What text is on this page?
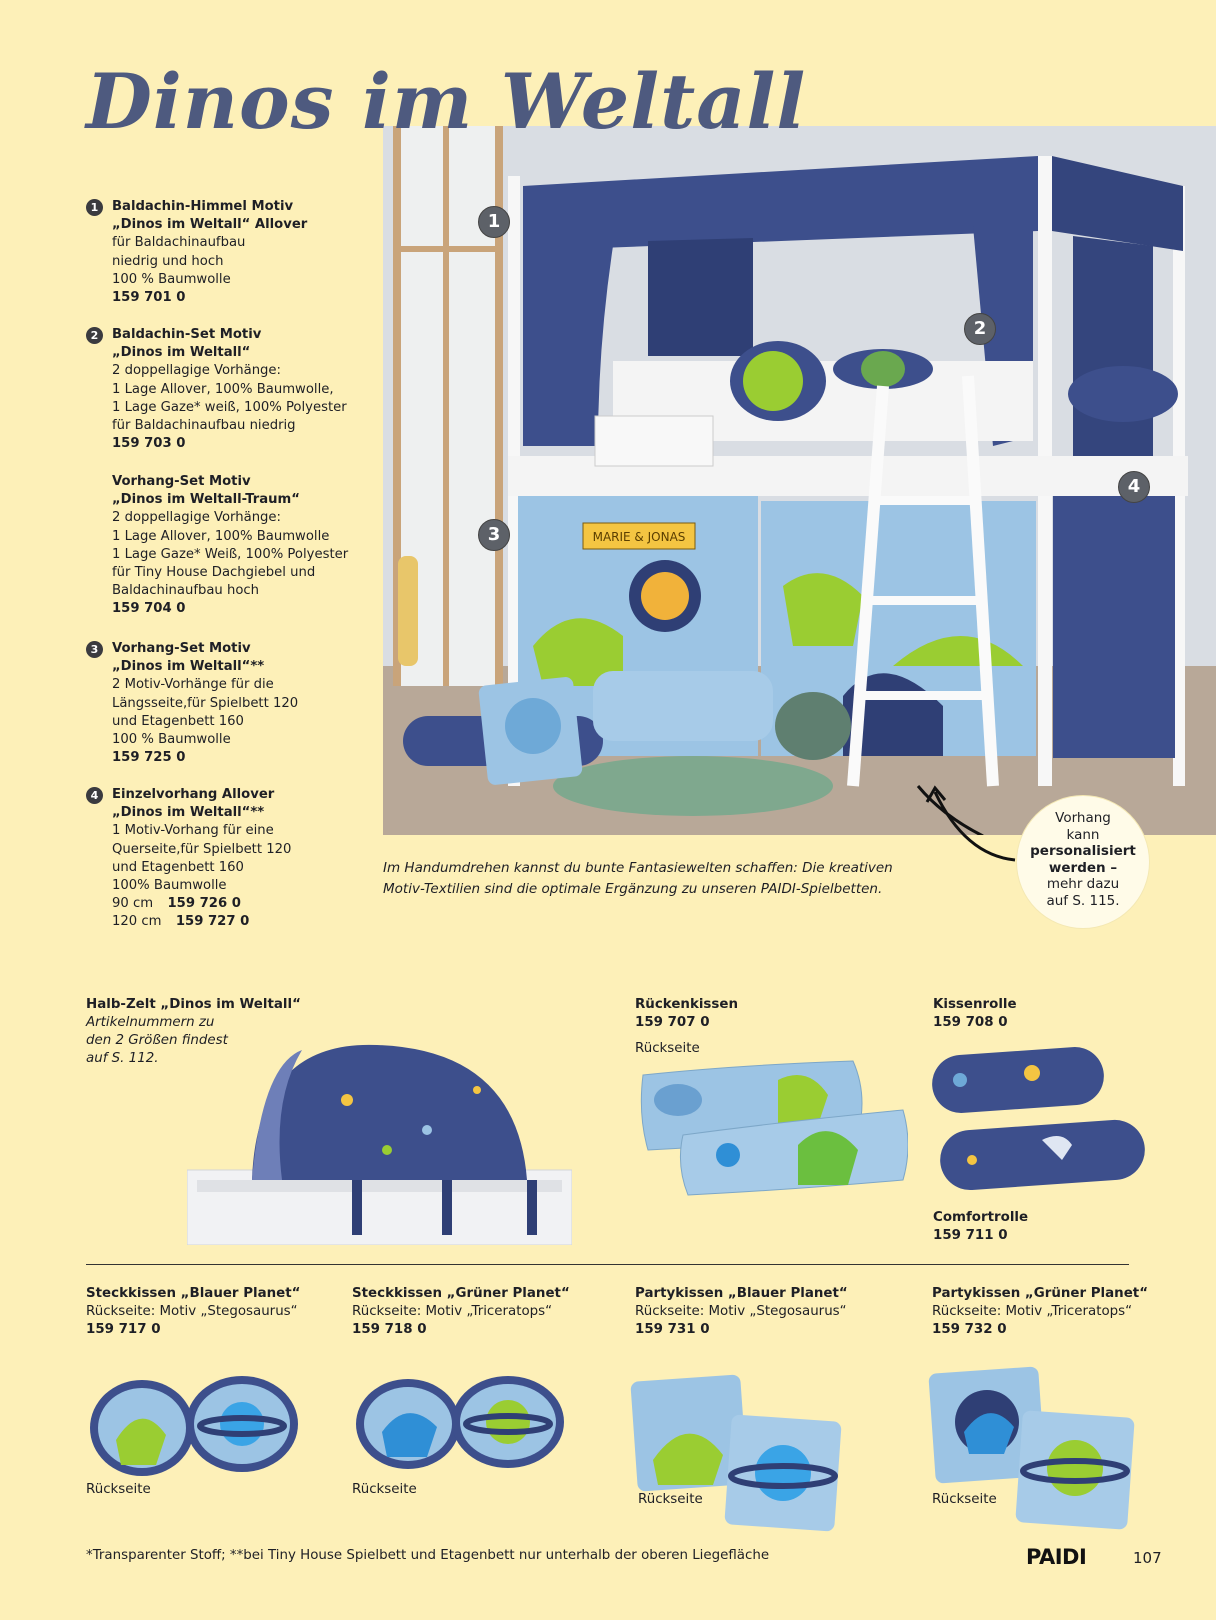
Dinos im Weltall
1	Baldachin-Himmel Motiv
„Dinos im Weltall“ Allover
für Baldachinaufbau
niedrig und hoch
100 % Baumwolle
159 701 0
2	Baldachin-Set Motiv
„Dinos im Weltall“
2 doppellagige Vorhänge:
1 Lage Allover, 100% Baumwolle,
1 Lage Gaze* weiß, 100% Polyester
für Baldachinaufbau niedrig
159 703 0
Vorhang-Set Motiv
„Dinos im Weltall-Traum“
2 doppellagige Vorhänge:
1 Lage Allover, 100% Baumwolle
1 Lage Gaze* Weiß, 100% Polyester
für Tiny House Dachgiebel und
Baldachinaufbau hoch
159 704 0
3	Vorhang-Set Motiv
„Dinos im Weltall“**
2 Motiv-Vorhänge für die
Längsseite,für Spielbett 120
und Etagenbett 160
100 % Baumwolle
159 725 0
4	Einzelvorhang Allover
„Dinos im Weltall“**
1 Motiv-Vorhang für eine
Querseite,für Spielbett 120
und Etagenbett 160
100% Baumwolle
90 cm 159 726 0
120 cm 159 727 0
MARIE & JONAS
1
2
3
4
Im Handumdrehen kannst du bunte Fantasiewelten schaffen: Die kreativen
Motiv-Textilien sind die optimale Ergänzung zu unseren PAIDI-Spielbetten.
Vorhang
kann
personalisiert
werden –
mehr dazu
auf S. 115.
Halb-Zelt „Dinos im Weltall“
Artikelnummern zu
den 2 Größen findest
auf S. 112.
Rückenkissen
159 707 0
Rückseite
Kissenrolle
159 708 0
Comfortrolle
159 711 0
Steckkissen „Blauer Planet“
Rückseite: Motiv „Stegosaurus“
159 717 0
Rückseite
Steckkissen „Grüner Planet“
Rückseite: Motiv „Triceratops“
159 718 0
Rückseite
Partykissen „Blauer Planet“
Rückseite: Motiv „Stegosaurus“
159 731 0
Rückseite
Partykissen „Grüner Planet“
Rückseite: Motiv „Triceratops“
159 732 0
Rückseite
*Transparenter Stoff; **bei Tiny House Spielbett und Etagenbett nur unterhalb der oberen Liegefläche	PAIDI	107
